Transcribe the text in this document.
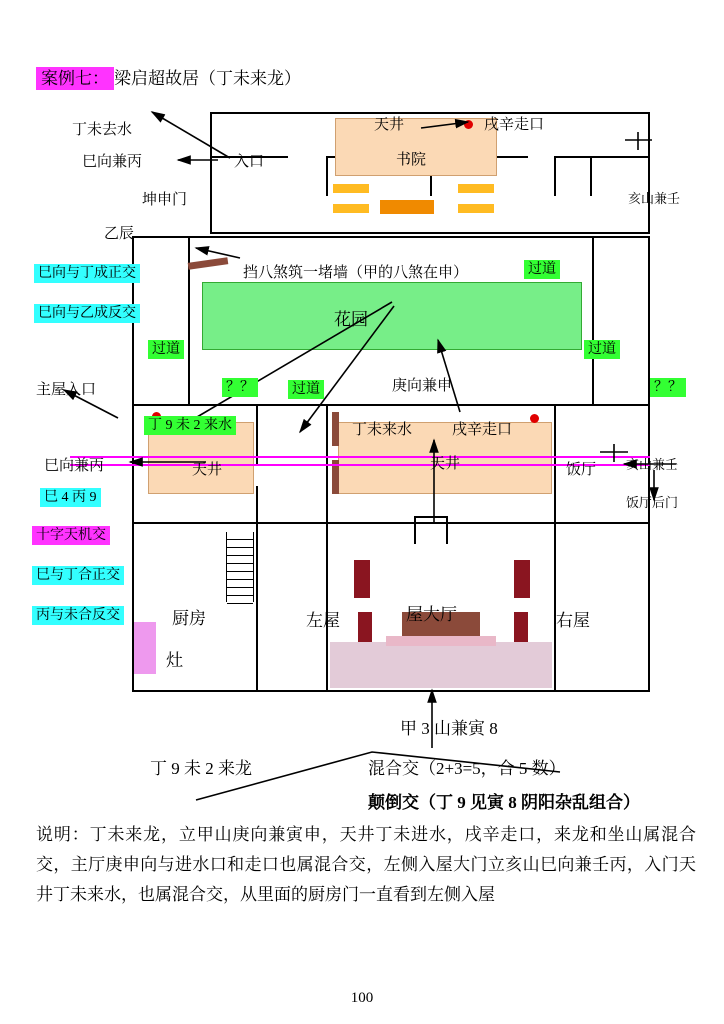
案例七： 梁启超故居（丁未来龙）
丁未去水
巳向兼丙	入口
坤申门
乙辰
天井
书院
戌辛走口
亥山兼壬
挡八煞筑一堵墙（甲的八煞在申）	过道
过道	过道
过道
花园
？？	？？
庚向兼申
巳向与丁成正交
巳向与乙成反交
主屋入口
丁 9 未 2 来水	丁未来水	戌辛走口
天井	天井	饭厅
巳向兼丙	亥山兼壬
饭厅后门
巳 4 丙 9
十字天机交
巳与丁合正交
丙与未合反交	厨房
灶
左屋	屋大厅	右屋
甲 3 山兼寅 8
丁 9 未 2 来龙	混合交（2+3=5，合 5 数）
颠倒交（丁 9 见寅 8 阴阳杂乱组合）
说明：丁未来龙，立甲山庚向兼寅申，天井丁未进水，戌辛走口，来龙和坐山属混合交，主厅庚申向与进水口和走口也属混合交，左侧入屋大门立亥山巳向兼壬丙，入门天井丁未来水，也属混合交，从里面的厨房门一直看到左侧入屋
100
